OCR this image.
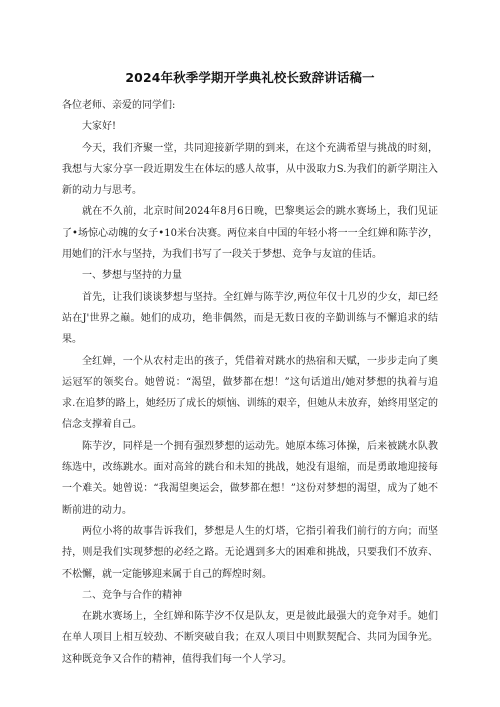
2024年秋季学期开学典礼校长致辞讲话稿一

各位老师、亲爱的同学们:

大家好!

今天，我们齐聚一堂，共同迎接新学期的到来，在这个充满希望与挑战的时刻，我想与大家分享一段近期发生在体坛的感人故事，从中汲取力S.为我们的新学期注入新的动力与思考。

就在不久前，北京时间2024年8月6日晚，巴黎奥运会的跳水赛场上，我们见证了•场惊心动魄的女子•10米台决赛。两位来自中国的年轻小将一一全红婵和陈芋汐，用她们的汗水与坚持，为我们书写了一段关于梦想、竞争与友谊的佳话。

一、梦想与坚持的力量

首先，让我们谈谈梦想与坚持。全红婵与陈芋汐,两位年仅十几岁的少女，却已经站在J'世界之巅。她们的成功，绝非偶然，而是无数日夜的辛勤训练与不懈追求的结果。

全红婵，一个从农村走出的孩子，凭借着对跳水的热宿和天赋，一步步走向了奥运冠军的领奖台。她曾说：“渴望，做梦都在想！”这句话道出/她对梦想的执着与追求.在追梦的路上，她经历了成长的烦恼、训练的艰辛，但她从未放弃，始终用坚定的信念支撑着自己。

陈芋汐，同样是一个拥有强烈梦想的运动先。她原本练习体操，后来被跳水队教练选中，改练跳水。面对高耸的跳台和未知的挑战，她没有退缩，而是勇敢地迎接每一个难关。她曾说：“我渴望奥运会，做梦都在想！”这份对梦想的渴望，成为了她不断前进的动力。

两位小将的故事告诉我们，梦想是人生的灯塔，它指引着我们前行的方向；而坚持，则是我们实现梦想的必经之路。无论遇到多大的困难和挑战，只要我们不放弃、不松懈，就一定能够迎来属于自己的辉煌时刻。

二、竞争与合作的精神

在跳水赛场上，全红婵和陈芋汐不仅是队友，更是彼此最强大的竞争对手。她们在单人项目上相互较劲、不断突破自我；在双人项目中则默契配合、共同为国争光。这种既竞争又合作的精神，值得我们每一个人学习。
